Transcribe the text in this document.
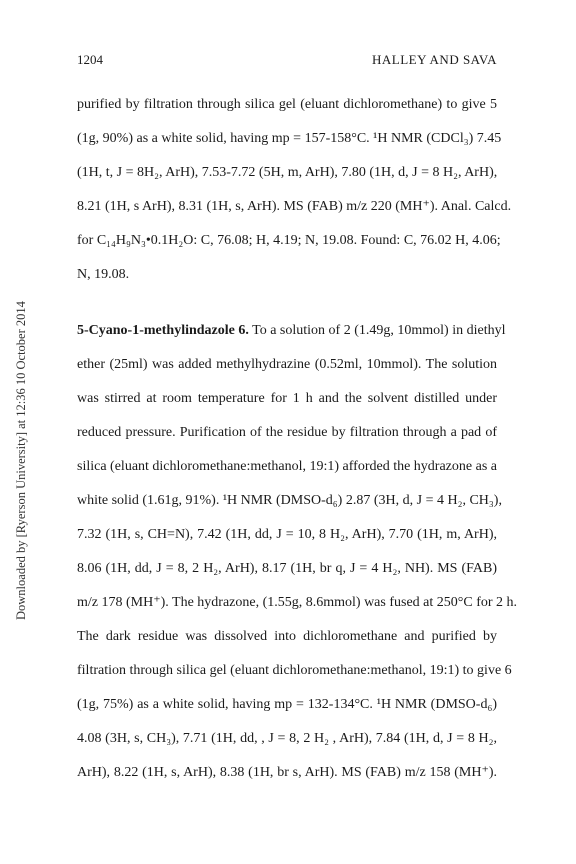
1204	HALLEY AND SAVA
Downloaded by [Ryerson University] at 12:36 10 October 2014
purified by filtration through silica gel (eluant dichloromethane) to give 5
(1g, 90%) as a white solid, having mp = 157-158°C. ¹H NMR (CDCl₃) 7.45
(1H, t, J = 8H₂, ArH), 7.53-7.72 (5H, m, ArH), 7.80 (1H, d, J = 8 H₂, ArH),
8.21 (1H, s ArH), 8.31 (1H, s, ArH). MS (FAB) m/z 220 (MH⁺). Anal. Calcd.
for C₁₄H₉N₃•0.1H₂O: C, 76.08; H, 4.19; N, 19.08. Found: C, 76.02 H, 4.06;
N, 19.08.
5-Cyano-1-methylindazole 6. To a solution of 2 (1.49g, 10mmol) in diethyl
ether (25ml) was added methylhydrazine (0.52ml, 10mmol). The solution
was stirred at room temperature for 1 h and the solvent distilled under
reduced pressure. Purification of the residue by filtration through a pad of
silica (eluant dichloromethane:methanol, 19:1) afforded the hydrazone as a
white solid (1.61g, 91%). ¹H NMR (DMSO-d₆) 2.87 (3H, d, J = 4 H₂, CH₃),
7.32 (1H, s, CH=N), 7.42 (1H, dd, J = 10, 8 H₂, ArH), 7.70 (1H, m, ArH),
8.06 (1H, dd, J = 8, 2 H₂, ArH), 8.17 (1H, br q, J = 4 H₂, NH). MS (FAB)
m/z 178 (MH⁺). The hydrazone, (1.55g, 8.6mmol) was fused at 250°C for 2 h.
The dark residue was dissolved into dichloromethane and purified by
filtration through silica gel (eluant dichloromethane:methanol, 19:1) to give 6
(1g, 75%) as a white solid, having mp = 132-134°C. ¹H NMR (DMSO-d₆)
4.08 (3H, s, CH₃), 7.71 (1H, dd, , J = 8, 2 H₂ , ArH), 7.84 (1H, d, J = 8 H₂,
ArH), 8.22 (1H, s, ArH), 8.38 (1H, br s, ArH). MS (FAB) m/z 158 (MH⁺).
